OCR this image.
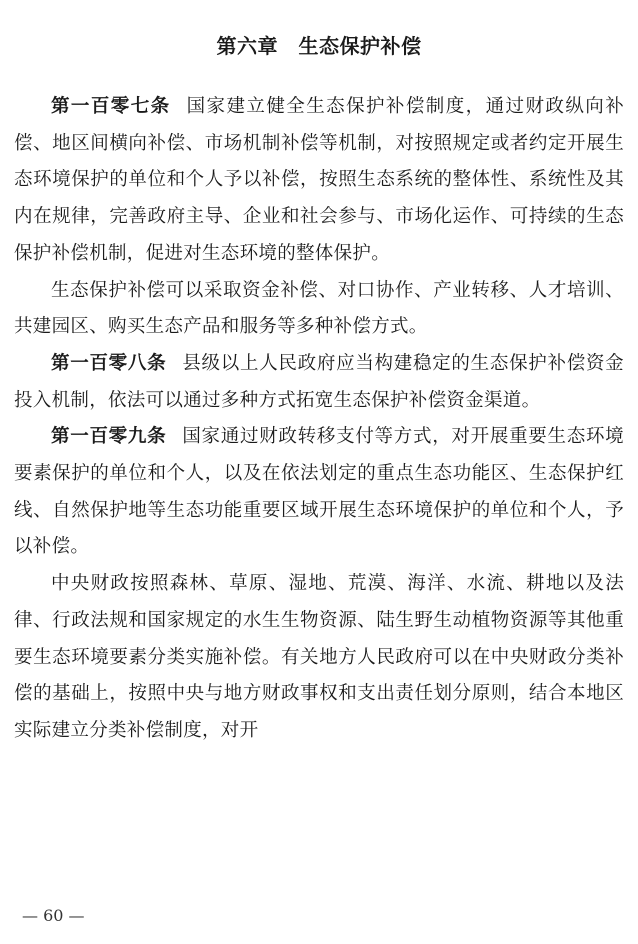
第六章　生态保护补偿

第一百零七条 国家建立健全生态保护补偿制度，通过财政纵向补偿、地区间横向补偿、市场机制补偿等机制，对按照规定或者约定开展生态环境保护的单位和个人予以补偿，按照生态系统的整体性、系统性及其内在规律，完善政府主导、企业和社会参与、市场化运作、可持续的生态保护补偿机制，促进对生态环境的整体保护。

生态保护补偿可以采取资金补偿、对口协作、产业转移、人才培训、共建园区、购买生态产品和服务等多种补偿方式。

第一百零八条 县级以上人民政府应当构建稳定的生态保护补偿资金投入机制，依法可以通过多种方式拓宽生态保护补偿资金渠道。

第一百零九条 国家通过财政转移支付等方式，对开展重要生态环境要素保护的单位和个人，以及在依法划定的重点生态功能区、生态保护红线、自然保护地等生态功能重要区域开展生态环境保护的单位和个人，予以补偿。

中央财政按照森林、草原、湿地、荒漠、海洋、水流、耕地以及法律、行政法规和国家规定的水生生物资源、陆生野生动植物资源等其他重要生态环境要素分类实施补偿。有关地方人民政府可以在中央财政分类补偿的基础上，按照中央与地方财政事权和支出责任划分原则，结合本地区实际建立分类补偿制度，对开

— 60 —
